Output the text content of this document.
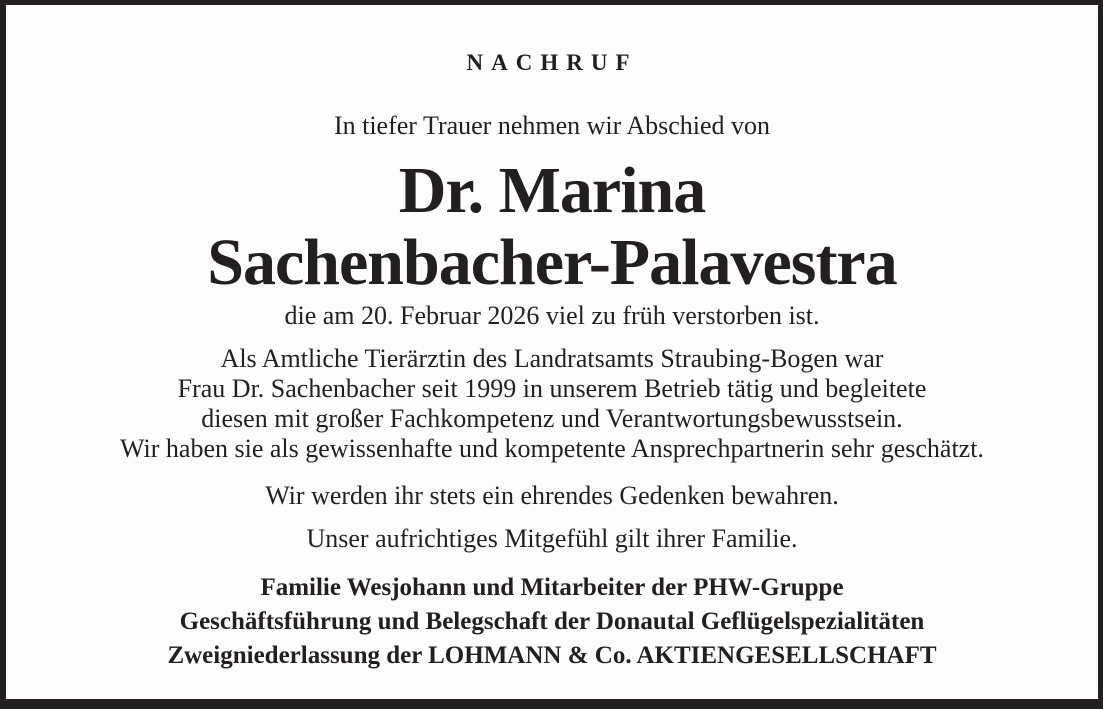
NACHRUF
In tiefer Trauer nehmen wir Abschied von
Dr. Marina
Sachenbacher-Palavestra
die am 20. Februar 2026 viel zu früh verstorben ist.
Als Amtliche Tierärztin des Landratsamts Straubing-Bogen war
Frau Dr. Sachenbacher seit 1999 in unserem Betrieb tätig und begleitete
diesen mit großer Fachkompetenz und Verantwortungsbewusstsein.
Wir haben sie als gewissenhafte und kompetente Ansprechpartnerin sehr geschätzt.
Wir werden ihr stets ein ehrendes Gedenken bewahren.
Unser aufrichtiges Mitgefühl gilt ihrer Familie.
Familie Wesjohann und Mitarbeiter der PHW-Gruppe
Geschäftsführung und Belegschaft der Donautal Geflügelspezialitäten
Zweigniederlassung der LOHMANN & Co. AKTIENGESELLSCHAFT
